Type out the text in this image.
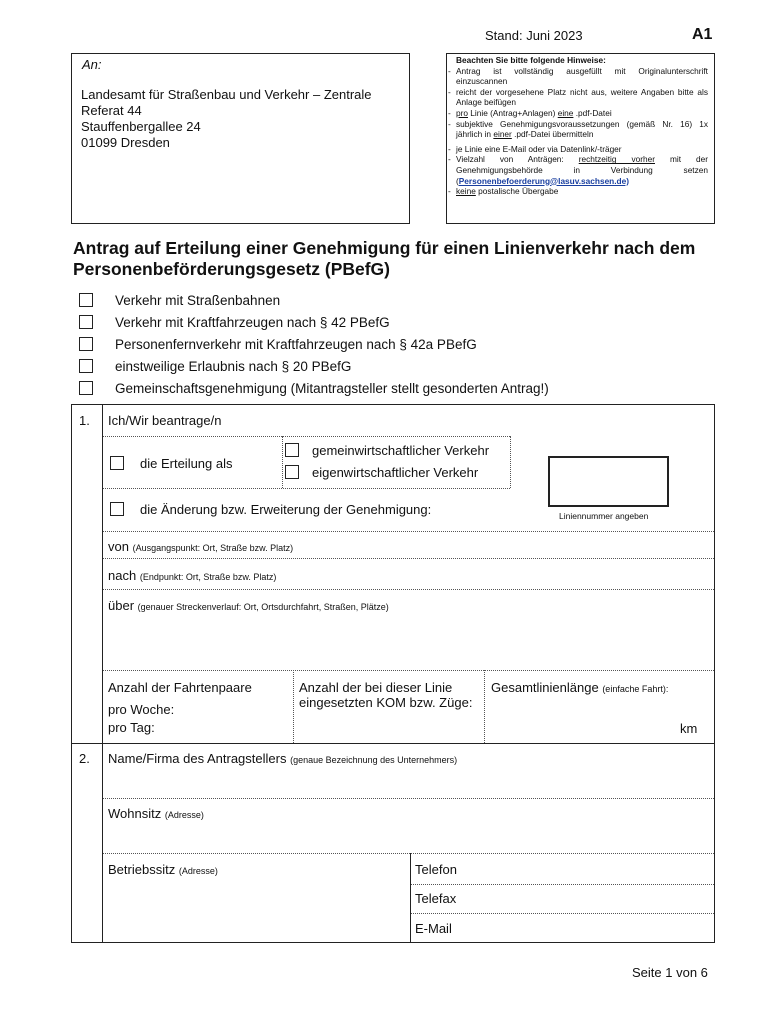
Stand: Juni 2023	A1
An:
Landesamt für Straßenbau und Verkehr – Zentrale
Referat 44
Stauffenbergallee 24
01099 Dresden
Beachten Sie bitte folgende Hinweise:
- Antrag ist vollständig ausgefüllt mit Originalunterschrift einzuscannen
- reicht der vorgesehene Platz nicht aus, weitere Angaben bitte als Anlage beifügen
- pro Linie (Antrag+Anlagen) eine .pdf-Datei
- subjektive Genehmigungsvoraussetzungen (gemäß Nr. 16) 1x jährlich in einer .pdf-Datei übermitteln
- je Linie eine E-Mail oder via Datenlink/-träger
- Vielzahl von Anträgen: rechtzeitig vorher mit der Genehmigungsbehörde in Verbindung setzen (Personenbefoerderung@lasuv.sachsen.de)
- keine postalische Übergabe
Antrag auf Erteilung einer Genehmigung für einen Linienverkehr nach dem Personenbeförderungsgesetz (PBefG)
Verkehr mit Straßenbahnen
Verkehr mit Kraftfahrzeugen nach § 42 PBefG
Personenfernverkehr mit Kraftfahrzeugen nach § 42a PBefG
einstweilige Erlaubnis nach § 20 PBefG
Gemeinschaftsgenehmigung (Mitantragsteller stellt gesonderten Antrag!)
1. Ich/Wir beantrage/n
die Erteilung als
gemeinwirtschaftlicher Verkehr
eigenwirtschaftlicher Verkehr
die Änderung bzw. Erweiterung der Genehmigung:	Liniennummer angeben
von (Ausgangspunkt: Ort, Straße bzw. Platz)
nach (Endpunkt: Ort, Straße bzw. Platz)
über (genauer Streckenverlauf: Ort, Ortsdurchfahrt, Straßen, Plätze)
Anzahl der Fahrtenpaare
pro Woche:
pro Tag:
Anzahl der bei dieser Linie eingesetzten KOM bzw. Züge:
Gesamtlinienlänge (einfache Fahrt):
km
2. Name/Firma des Antragstellers (genaue Bezeichnung des Unternehmers)
Wohnsitz (Adresse)
Betriebssitz (Adresse)	Telefon
Telefax
E-Mail
Seite 1 von 6
